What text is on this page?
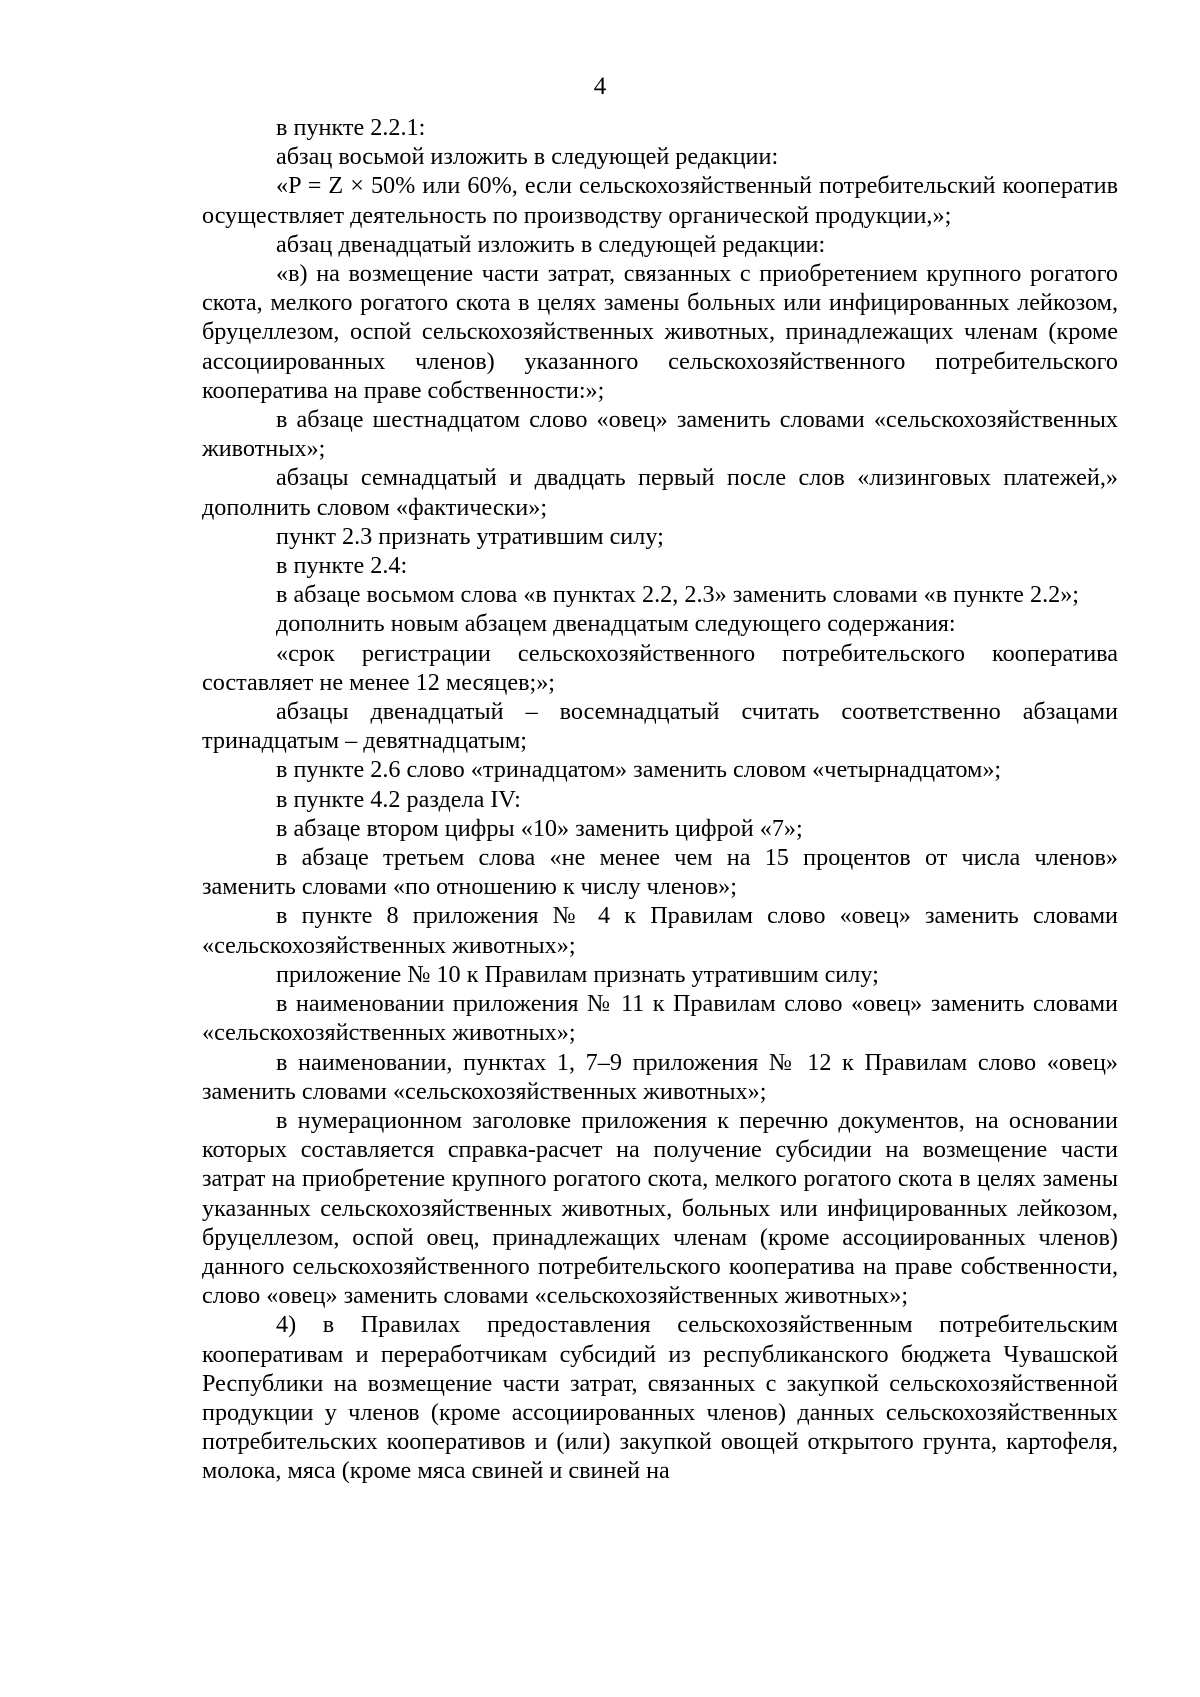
4

в пункте 2.2.1:

абзац восьмой изложить в следующей редакции:

«P = Z × 50% или 60%, если сельскохозяйственный потребительский кооператив осуществляет деятельность по производству органической продукции,»;

абзац двенадцатый изложить в следующей редакции:

«в) на возмещение части затрат, связанных с приобретением крупного рогатого скота, мелкого рогатого скота в целях замены больных или инфицированных лейкозом, бруцеллезом, оспой сельскохозяйственных животных, принадлежащих членам (кроме ассоциированных членов) указанного сельскохозяйственного потребительского кооператива на праве собственности:»;

в абзаце шестнадцатом слово «овец» заменить словами «сельскохозяйственных животных»;

абзацы семнадцатый и двадцать первый после слов «лизинговых платежей,» дополнить словом «фактически»;

пункт 2.3 признать утратившим силу;

в пункте 2.4:

в абзаце восьмом слова «в пунктах 2.2, 2.3» заменить словами «в пункте 2.2»;

дополнить новым абзацем двенадцатым следующего содержания:

«срок регистрации сельскохозяйственного потребительского кооператива составляет не менее 12 месяцев;»;

абзацы двенадцатый – восемнадцатый считать соответственно абзацами тринадцатым – девятнадцатым;

в пункте 2.6 слово «тринадцатом» заменить словом «четырнадцатом»;

в пункте 4.2 раздела IV:

в абзаце втором цифры «10» заменить цифрой «7»;

в абзаце третьем слова «не менее чем на 15 процентов от числа членов» заменить словами «по отношению к числу членов»;

в пункте 8 приложения № 4 к Правилам слово «овец» заменить словами «сельскохозяйственных животных»;

приложение № 10 к Правилам признать утратившим силу;

в наименовании приложения № 11 к Правилам слово «овец» заменить словами «сельскохозяйственных животных»;

в наименовании, пунктах 1, 7–9 приложения № 12 к Правилам слово «овец» заменить словами «сельскохозяйственных животных»;

в нумерационном заголовке приложения к перечню документов, на основании которых составляется справка-расчет на получение субсидии на возмещение части затрат на приобретение крупного рогатого скота, мелкого рогатого скота в целях замены указанных сельскохозяйственных животных, больных или инфицированных лейкозом, бруцеллезом, оспой овец, принадлежащих членам (кроме ассоциированных членов) данного сельскохозяйственного потребительского кооператива на праве собственности, слово «овец» заменить словами «сельскохозяйственных животных»;

4) в Правилах предоставления сельскохозяйственным потребительским кооперативам и переработчикам субсидий из республиканского бюджета Чувашской Республики на возмещение части затрат, связанных с закупкой сельскохозяйственной продукции у членов (кроме ассоциированных членов) данных сельскохозяйственных потребительских кооперативов и (или) закупкой овощей открытого грунта, картофеля, молока, мяса (кроме мяса свиней и свиней на
